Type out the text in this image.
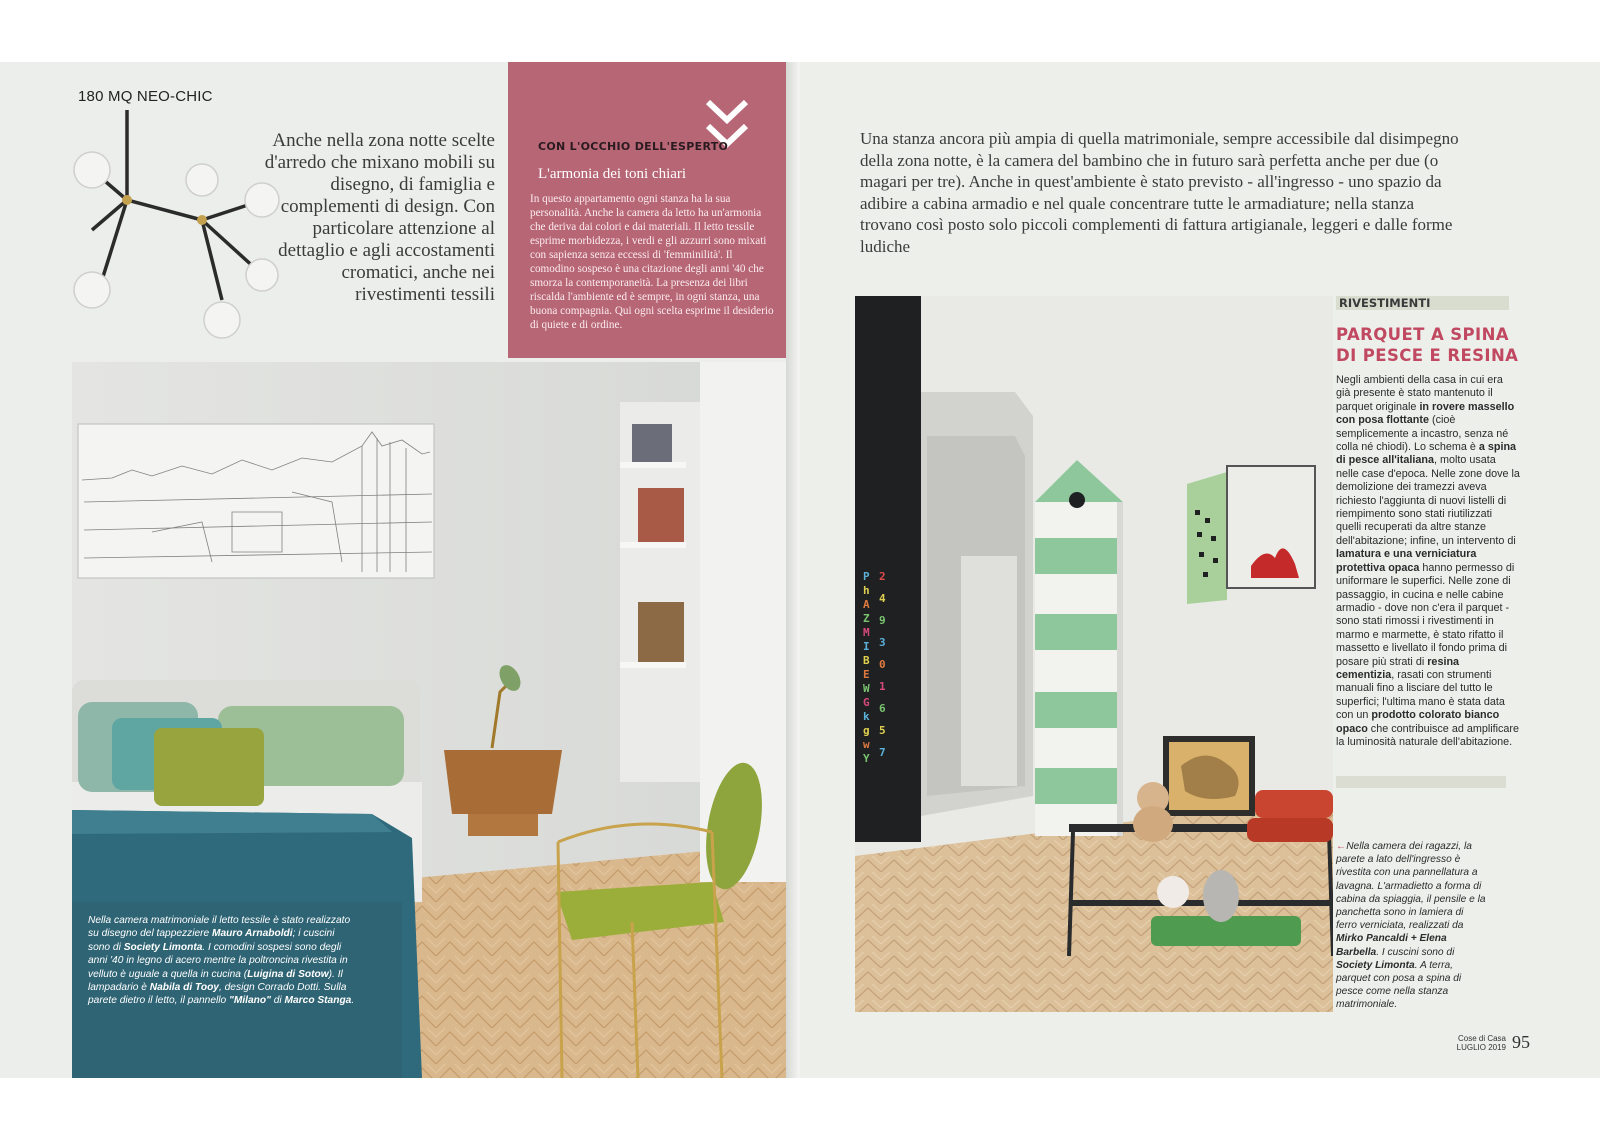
180 MQ NEO-CHIC
Anche nella zona notte scelte d'arredo che mixano mobili su disegno, di famiglia e complementi di design. Con particolare attenzione al dettaglio e agli accostamenti cromatici, anche nei rivestimenti tessili
CON L'OCCHIO DELL'ESPERTO
L'armonia dei toni chiari
In questo appartamento ogni stanza ha la sua personalità. Anche la camera da letto ha un'armonia che deriva dai colori e dai materiali. Il letto tessile esprime morbidezza, i verdi e gli azzurri sono mixati con sapienza senza eccessi di 'femminilità'. Il comodino sospeso è una citazione degli anni '40 che smorza la contemporaneità. La presenza dei libri riscalda l'ambiente ed è sempre, in ogni stanza, una buona compagnia. Qui ogni scelta esprime il desiderio di quiete e di ordine.
Nella camera matrimoniale il letto tessile è stato realizzato su disegno del tappezziere Mauro Arnaboldi; i cuscini sono di Society Limonta. I comodini sospesi sono degli anni '40 in legno di acero mentre la poltroncina rivestita in velluto è uguale a quella in cucina (Luigina di Sotow). Il lampadario è Nabila di Tooy, design Corrado Dotti. Sulla parete dietro il letto, il pannello "Milano" di Marco Stanga.
Una stanza ancora più ampia di quella matrimoniale, sempre accessibile dal disimpegno della zona notte, è la camera del bambino che in futuro sarà perfetta anche per due (o magari per tre). Anche in quest'ambiente è stato previsto - all'ingresso - uno spazio da adibire a cabina armadio e nel quale concentrare tutte le armadiature; nella stanza trovano così posto solo piccoli complementi di fattura artigianale, leggeri e dalle forme ludiche
P
h
A
Z
M
I
B
E
W
G
k
g
w
Y
2
4
9
3
0
1
6
5
7
RIVESTIMENTI
PARQUET A SPINA
DI PESCE E RESINA
Negli ambienti della casa in cui era già presente è stato mantenuto il parquet originale in rovere massello con posa flottante (cioè semplicemente a incastro, senza né colla né chiodi). Lo schema è a spina di pesce all'italiana, molto usata nelle case d'epoca. Nelle zone dove la demolizione dei tramezzi aveva richiesto l'aggiunta di nuovi listelli di riempimento sono stati riutilizzati quelli recuperati da altre stanze dell'abitazione; infine, un intervento di lamatura e una verniciatura protettiva opaca hanno permesso di uniformare le superfici. Nelle zone di passaggio, in cucina e nelle cabine armadio - dove non c'era il parquet - sono stati rimossi i rivestimenti in marmo e marmette, è stato rifatto il massetto e livellato il fondo prima di posare più strati di resina cementizia, rasati con strumenti manuali fino a lisciare del tutto le superfici; l'ultima mano è stata data con un prodotto colorato bianco opaco che contribuisce ad amplificare la luminosità naturale dell'abitazione.
←Nella camera dei ragazzi, la parete a lato dell'ingresso è rivestita con una pannellatura a lavagna. L'armadietto a forma di cabina da spiaggia, il pensile e la panchetta sono in lamiera di ferro verniciata, realizzati da Mirko Pancaldi + Elena Barbella. I cuscini sono di Society Limonta. A terra, parquet con posa a spina di pesce come nella stanza matrimoniale.
Cose di Casa
LUGLIO 2019 95
